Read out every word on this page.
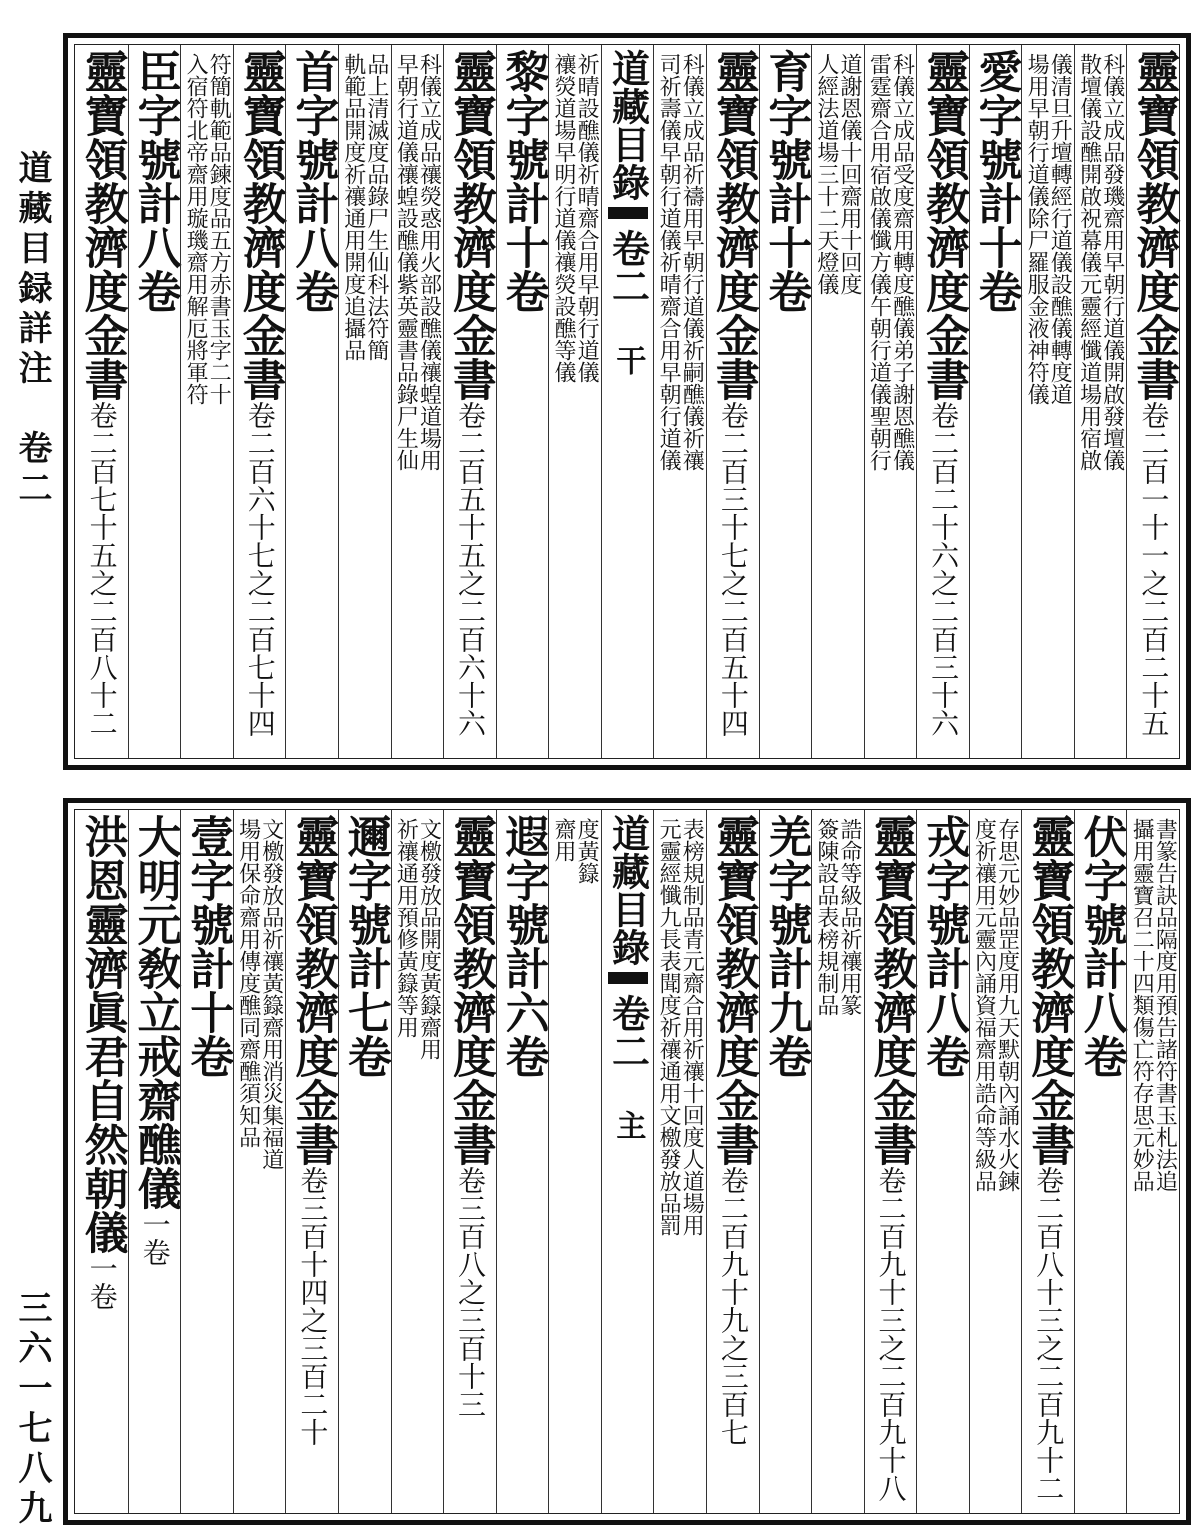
道藏目録詳注　卷二
三六一七八九
靈寶領教濟度金書卷二百一十一之二百二十五
科儀立成品發璣齋用早朝行道儀開啟發壇儀
散壇儀設醮開啟祝幕儀元靈經懺道場用宿啟
儀清旦升壇轉經行道儀設醮儀轉度道
場用早朝行道儀除尸羅服金液神符儀
愛字號計十卷
靈寶領教濟度金書卷二百二十六之二百三十六
科儀立成品受度齋用轉度醮儀弟子謝恩醮儀
雷霆齋合用宿啟儀懺方儀午朝行道儀聖朝行
道謝恩儀十回齋用十回度
人經法道場三十二天燈儀
育字號計十卷
靈寶領教濟度金書卷二百三十七之二百五十四
科儀立成品祈禱用早朝行道儀祈嗣醮儀祈禳
司祈壽儀早朝行道儀祈晴齋合用早朝行道儀
道藏目錄
卷二
干
祈晴設醮儀祈晴齋合用早朝行道儀
禳熒道場早明行道儀禳熒設醮等儀
黎字號計十卷
靈寶領教濟度金書卷二百五十五之二百六十六
科儀立成品禳熒惑用火部設醮儀禳蝗道場用
早朝行道儀禳蝗設醮儀紫英靈書品錄尸生仙
品上清滅度品錄尸生仙科法符簡
軌範品開度祈禳通用開度追攝品
首字號計八卷
靈寶領教濟度金書卷二百六十七之二百七十四
符簡軌範品鍊度品五方赤書玉字二十
入宿符北帝齋用璇璣齋用解厄將軍符
臣字號計八卷
靈寶領教濟度金書卷二百七十五之二百八十二
書篆告訣品隔度用預告諸符書玉札法追
攝用靈寶召二十四類傷亡符存思元妙品
伏字號計八卷
靈寶領教濟度金書卷二百八十三之二百九十二
存思元妙品罡度用九天默朝內誦水火鍊
度祈禳用元靈內誦資福齋用誥命等級品
戎字號計八卷
靈寶領教濟度金書卷二百九十三之二百九十八
誥命等級品祈禳用篆
簽陳設品表榜規制品
羌字號計九卷
靈寶領教濟度金書卷二百九十九之三百七
表榜規制品青元齋合用祈禳十回度人道場用
元靈經懺九長表聞度祈禳通用文檄發放品罰
道藏目錄
卷二
主
度黃籙
齋用
遐字號計六卷
靈寶領教濟度金書卷三百八之三百十三
文檄發放品開度黃籙齋用
祈禳通用預修黃籙等用
邇字號計七卷
靈寶領教濟度金書卷三百十四之三百二十
文檄發放品祈禳黃籙齋用消災集福道
場用保命齋用傳度醮同齋醮須知品
壹字號計十卷
大明元敎立戒齋醮儀一卷
洪恩靈濟眞君自然朝儀一卷
